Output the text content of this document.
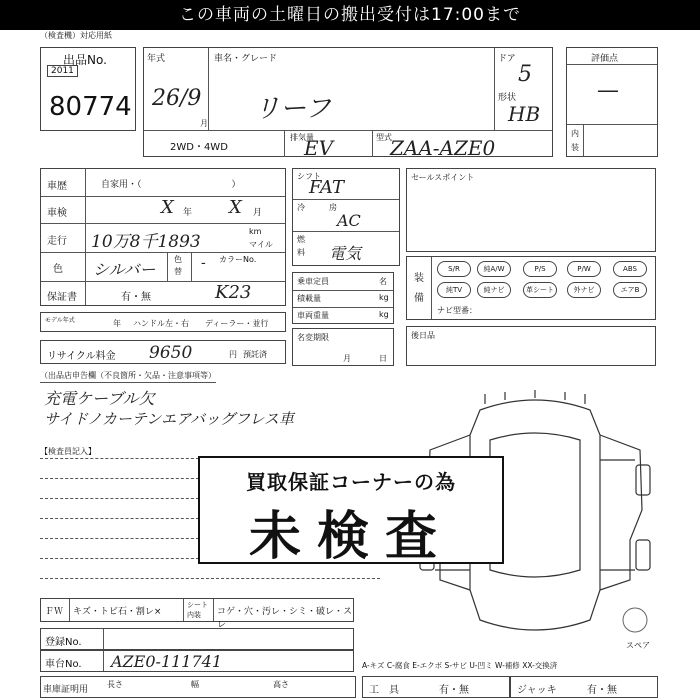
この車両の土曜日の搬出受付は17:00まで
（検査機）対応用紙
出品No.
2011
80774
年式
26/9
月
車名・グレード
リーフ
ドア
5
形状
HB
2WD・4WD
排気量
EV	型式
ZAA-AZE0
評価点
—
内
装
車歴	自家用・（　　　　　　　　　　）
車検	X 年 X 月
走行 10万8千1893
km
マイル
色 シルバー
色
替
- カラーNo.
保証書	有・無	K23
モデル年式	年 ハンドル 左・右 ディーラー・並行
リサイクル料金 9650	円 預託済
シフト
FAT
冷	房
AC
燃
料 電気
乗車定員	名
積載量	kg
車両重量	kg
名変期限
月	日
セールスポイント
装
備
S/R	純A/W	P/S	P/W	ABS
純TV	純ナビ	革シート	外ナビ	エアB
ナビ型番：
後日品
（出品店申告欄（不良箇所・欠品・注意事項等）
充電ケーブル欠
サイドノカーテンエアバッグフレス車
【検査員記入】
スペア
買取保証コーナーの為
未検査
ＦＷ キズ・トビ石・割レ×
シート
内装 コゲ・穴・汚レ・シミ・破レ・スレ
登録No.
車台No. AZE0-111741	A-キズ C-腐食 E-エクボ S-サビ U-凹ミ W-補修 XX-交換済
車庫証明用
長さ	幅	高さ
工　具	有・無	ジャッキ	有・無
